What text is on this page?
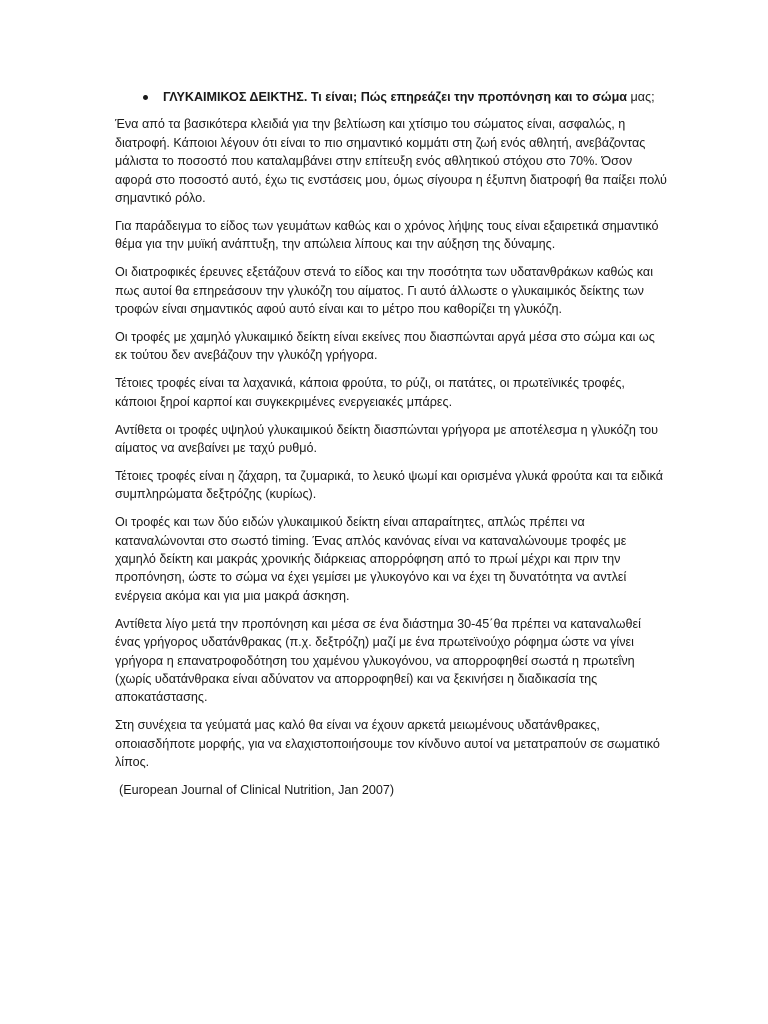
ΓΛΥΚΑΙΜΙΚΟΣ ΔΕΙΚΤΗΣ. Τι είναι; Πώς επηρεάζει την προπόνηση και το σώμα μας;

Ένα από τα βασικότερα κλειδιά για την βελτίωση και χτίσιμο του σώματος είναι, ασφαλώς, η διατροφή. Κάποιοι λέγουν ότι είναι το πιο σημαντικό κομμάτι στη ζωή ενός αθλητή, ανεβάζοντας μάλιστα το ποσοστό που καταλαμβάνει στην επίτευξη ενός αθλητικού στόχου στο 70%. Όσον αφορά στο ποσοστό αυτό, έχω τις ενστάσεις μου, όμως σίγουρα η έξυπνη διατροφή θα παίξει πολύ σημαντικό ρόλο.

Για παράδειγμα το είδος των γευμάτων καθώς και ο χρόνος λήψης τους είναι εξαιρετικά σημαντικό θέμα για την μυϊκή ανάπτυξη, την απώλεια λίπους και την αύξηση της δύναμης.

Οι διατροφικές έρευνες εξετάζουν στενά το είδος και την ποσότητα των υδατανθράκων καθώς και πως αυτοί θα επηρεάσουν την γλυκόζη του αίματος. Γι αυτό άλλωστε ο γλυκαιμικός δείκτης των τροφών είναι σημαντικός αφού αυτό είναι και το μέτρο που καθορίζει τη γλυκόζη.

Οι τροφές με χαμηλό γλυκαιμικό δείκτη είναι εκείνες που διασπώνται αργά μέσα στο σώμα και ως εκ τούτου δεν ανεβάζουν την γλυκόζη γρήγορα.

Τέτοιες τροφές είναι τα λαχανικά, κάποια φρούτα, το ρύζι, οι πατάτες, οι πρωτεϊνικές τροφές, κάποιοι ξηροί καρποί και συγκεκριμένες ενεργειακές μπάρες.

Αντίθετα οι τροφές υψηλού γλυκαιμικού δείκτη διασπώνται γρήγορα με αποτέλεσμα η γλυκόζη του αίματος να ανεβαίνει με ταχύ ρυθμό.

Τέτοιες τροφές είναι η ζάχαρη, τα ζυμαρικά, το λευκό ψωμί και ορισμένα γλυκά φρούτα και τα ειδικά συμπληρώματα δεξτρόζης (κυρίως).

Οι τροφές και των δύο ειδών γλυκαιμικού δείκτη είναι απαραίτητες, απλώς πρέπει να καταναλώνονται στο σωστό timing. Ένας απλός κανόνας είναι να καταναλώνουμε τροφές με χαμηλό δείκτη και μακράς χρονικής διάρκειας απορρόφηση από το πρωί μέχρι και πριν την προπόνηση, ώστε το σώμα να έχει γεμίσει με γλυκογόνο και να έχει τη δυνατότητα να αντλεί ενέργεια ακόμα και για μια μακρά άσκηση.

Αντίθετα λίγο μετά την προπόνηση και μέσα σε ένα διάστημα 30-45΄θα πρέπει να καταναλωθεί ένας γρήγορος υδατάνθρακας (π.χ. δεξτρόζη) μαζί με ένα πρωτεϊνούχο ρόφημα ώστε να γίνει γρήγορα η επανατροφοδότηση του χαμένου γλυκογόνου, να απορροφηθεί σωστά η πρωτεΐνη (χωρίς υδατάνθρακα είναι αδύνατον να απορροφηθεί) και να ξεκινήσει η διαδικασία της αποκατάστασης.

Στη συνέχεια τα γεύματά μας καλό θα είναι να έχουν αρκετά μειωμένους υδατάνθρακες, οποιασδήποτε μορφής, για να ελαχιστοποιήσουμε τον κίνδυνο αυτοί να μετατραπούν σε σωματικό λίπος.

(European Journal of Clinical Nutrition, Jan 2007)
